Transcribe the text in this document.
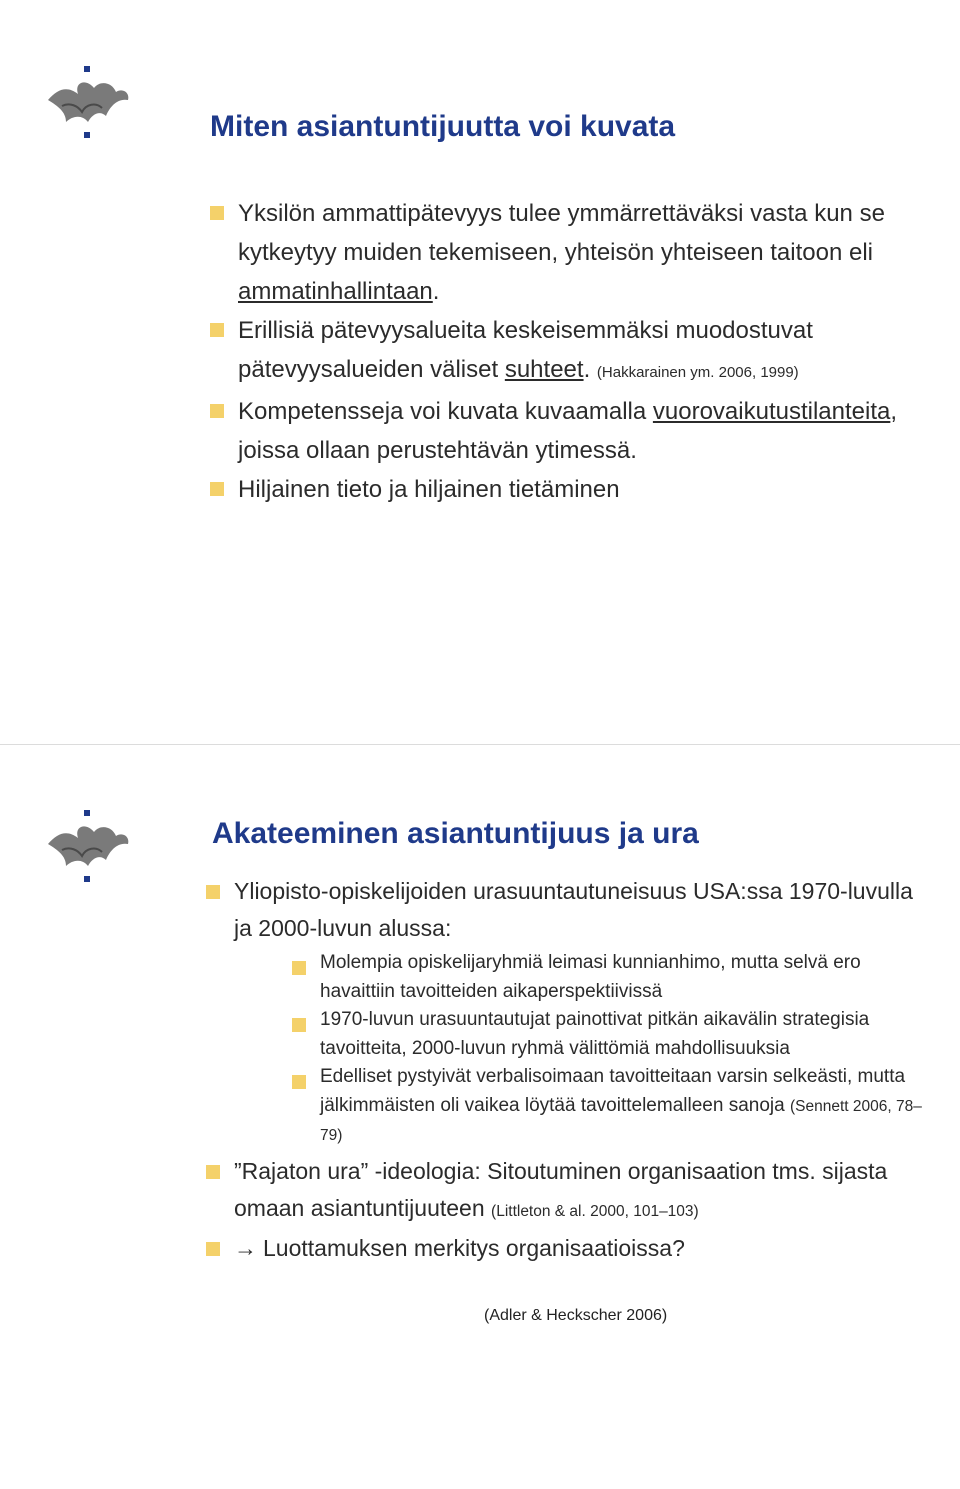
Miten asiantuntijuutta voi kuvata
Yksilön ammattipätevyys tulee ymmärrettäväksi vasta kun se kytkeytyy muiden tekemiseen, yhteisön yhteiseen taitoon eli ammatinhallintaan.
Erillisiä pätevyysalueita keskeisemmäksi muodostuvat pätevyysalueiden väliset suhteet. (Hakkarainen ym. 2006, 1999)
Kompetensseja voi kuvata kuvaamalla vuorovaikutustilanteita, joissa ollaan perustehtävän ytimessä.
Hiljainen tieto ja hiljainen tietäminen
Akateeminen asiantuntijuus ja ura
Yliopisto-opiskelijoiden urasuuntautuneisuus USA:ssa 1970-luvulla ja 2000-luvun alussa:
Molempia opiskelijaryhmiä leimasi kunnianhimo, mutta selvä ero havaittiin tavoitteiden aikaperspektiivissä
1970-luvun urasuuntautujat painottivat pitkän aikavälin strategisia tavoitteita, 2000-luvun ryhmä välittömiä mahdollisuuksia
Edelliset pystyivät verbalisoimaan tavoitteitaan varsin selkeästi, mutta jälkimmäisten oli vaikea löytää tavoittelemalleen sanoja (Sennett 2006, 78–79)
”Rajaton ura” -ideologia: Sitoutuminen organisaation tms. sijasta omaan asiantuntijuuteen (Littleton & al. 2000, 101–103)
→ Luottamuksen merkitys organisaatioissa?
(Adler & Heckscher 2006)
